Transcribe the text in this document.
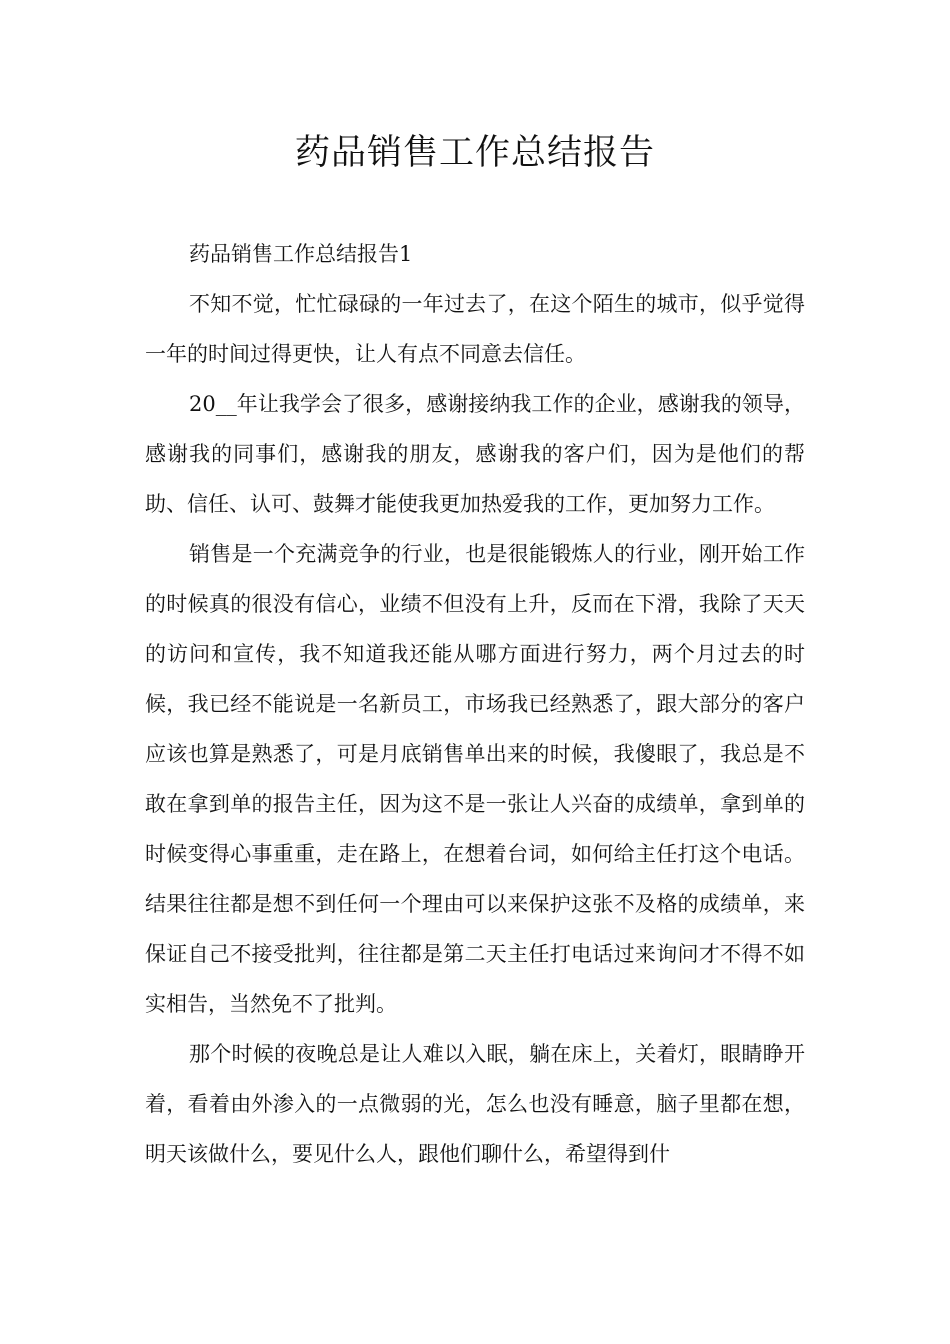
药品销售工作总结报告

药品销售工作总结报告1

不知不觉，忙忙碌碌的一年过去了，在这个陌生的城市，似乎觉得一年的时间过得更快，让人有点不同意去信任。

20__年让我学会了很多，感谢接纳我工作的企业，感谢我的领导，感谢我的同事们，感谢我的朋友，感谢我的客户们，因为是他们的帮助、信任、认可、鼓舞才能使我更加热爱我的工作，更加努力工作。

销售是一个充满竞争的行业，也是很能锻炼人的行业，刚开始工作的时候真的很没有信心，业绩不但没有上升，反而在下滑，我除了天天的访问和宣传，我不知道我还能从哪方面进行努力，两个月过去的时候，我已经不能说是一名新员工，市场我已经熟悉了，跟大部分的客户应该也算是熟悉了，可是月底销售单出来的时候，我傻眼了，我总是不敢在拿到单的报告主任，因为这不是一张让人兴奋的成绩单，拿到单的时候变得心事重重，走在路上，在想着台词，如何给主任打这个电话。结果往往都是想不到任何一个理由可以来保护这张不及格的成绩单，来保证自己不接受批判，往往都是第二天主任打电话过来询问才不得不如实相告，当然免不了批判。

那个时候的夜晚总是让人难以入眠，躺在床上，关着灯，眼睛睁开着，看着由外渗入的一点微弱的光，怎么也没有睡意，脑子里都在想，明天该做什么，要见什么人，跟他们聊什么，希望得到什
